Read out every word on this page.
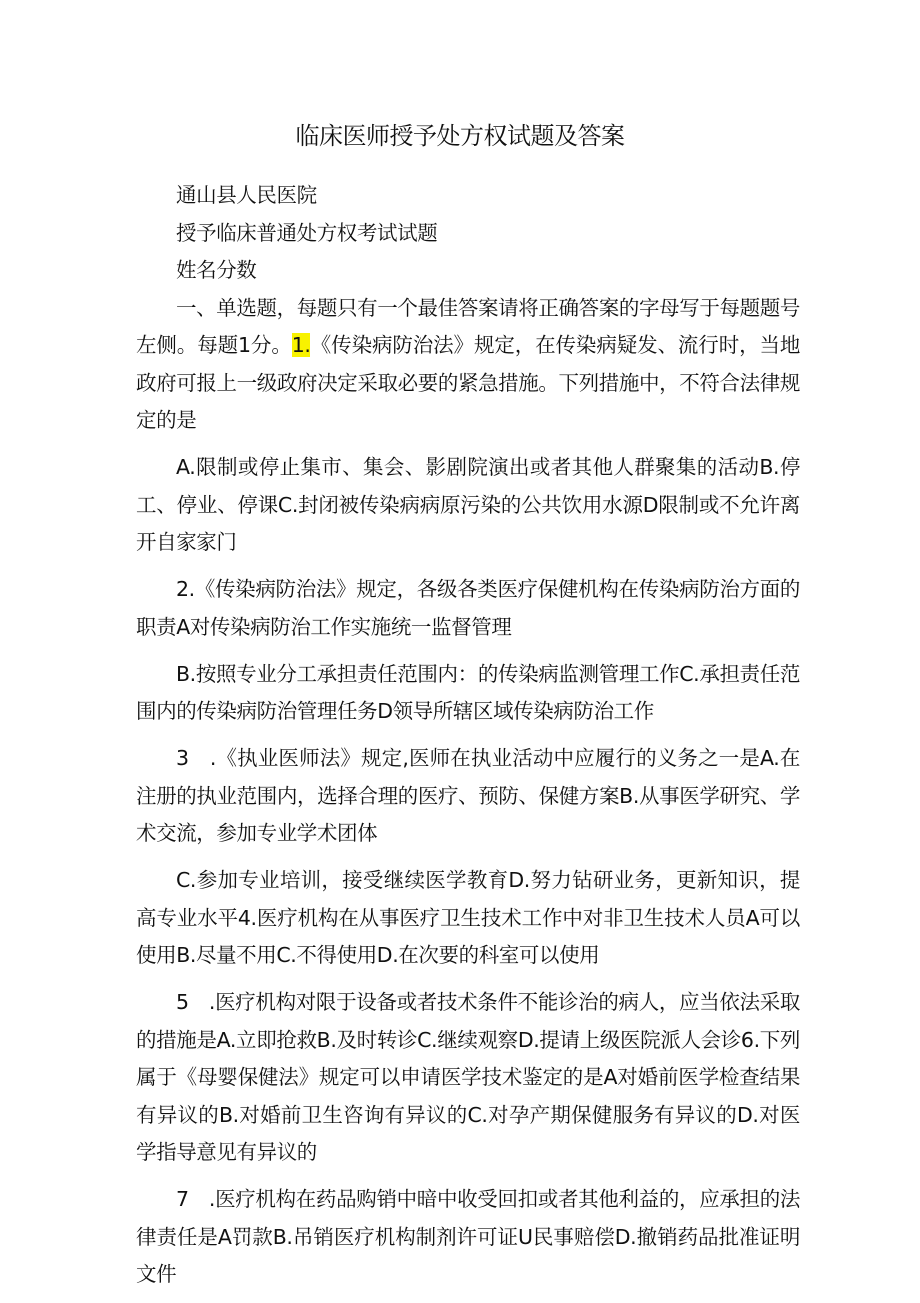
临床医师授予处方权试题及答案

通山县人民医院

授予临床普通处方权考试试题

姓名分数

一、单选题，每题只有一个最佳答案请将正确答案的字母写于每题题号左侧。每题1分。1.《传染病防治法》规定，在传染病疑发、流行时，当地政府可报上一级政府决定采取必要的紧急措施。下列措施中，不符合法律规定的是

A.限制或停止集市、集会、影剧院演出或者其他人群聚集的活动B.停工、停业、停课C.封闭被传染病病原污染的公共饮用水源D限制或不允许离开自家家门

2.《传染病防治法》规定，各级各类医疗保健机构在传染病防治方面的职责A对传染病防治工作实施统一监督管理

B.按照专业分工承担责任范围内：的传染病监测管理工作C.承担责任范围内的传染病防治管理任务D领导所辖区域传染病防治工作

3　.《执业医师法》规定,医师在执业活动中应履行的义务之一是A.在注册的执业范围内，选择合理的医疗、预防、保健方案B.从事医学研究、学术交流，参加专业学术团体

C.参加专业培训，接受继续医学教育D.努力钻研业务，更新知识，提高专业水平4.医疗机构在从事医疗卫生技术工作中对非卫生技术人员A可以使用B.尽量不用C.不得使用D.在次要的科室可以使用

5　.医疗机构对限于设备或者技术条件不能诊治的病人，应当依法采取的措施是A.立即抢救B.及时转诊C.继续观察D.提请上级医院派人会诊6.下列属于《母婴保健法》规定可以申请医学技术鉴定的是A对婚前医学检查结果有异议的B.对婚前卫生咨询有异议的C.对孕产期保健服务有异议的D.对医学指导意见有异议的

7　.医疗机构在药品购销中暗中收受回扣或者其他利益的，应承担的法律责任是A罚款B.吊销医疗机构制剂许可证U民事赔偿D.撤销药品批准证明文件
